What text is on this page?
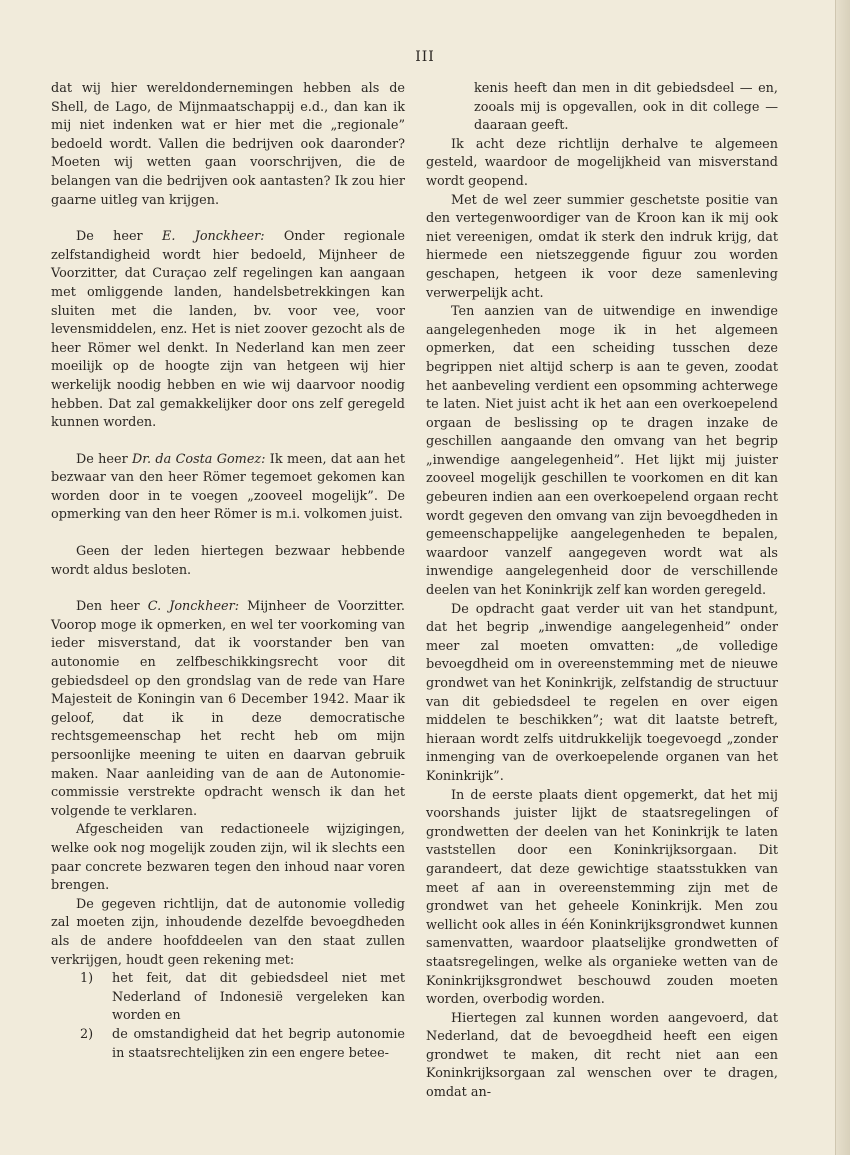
III

dat wij hier wereldondernemingen hebben als de Shell, de Lago, de Mijnmaatschappij e.d., dan kan ik mij niet indenken wat er hier met die „regionale” bedoeld wordt. Vallen die bedrijven ook daaronder? Moeten wij wetten gaan voorschrijven, die de belangen van die bedrijven ook aantasten? Ik zou hier gaarne uitleg van krijgen.

De heer E. Jonckheer: Onder regionale zelfstandigheid wordt hier bedoeld, Mijnheer de Voorzitter, dat Curaçao zelf regelingen kan aangaan met omliggende landen, handelsbetrekkingen kan sluiten met die landen, bv. voor vee, voor levensmiddelen, enz. Het is niet zoover gezocht als de heer Römer wel denkt. In Nederland kan men zeer moeilijk op de hoogte zijn van hetgeen wij hier werkelijk noodig hebben en wie wij daarvoor noodig hebben. Dat zal gemakkelijker door ons zelf geregeld kunnen worden.

De heer Dr. da Costa Gomez: Ik meen, dat aan het bezwaar van den heer Römer tegemoet gekomen kan worden door in te voegen „zooveel mogelijk”. De opmerking van den heer Römer is m.i. volkomen juist.

Geen der leden hiertegen bezwaar hebbende wordt aldus besloten.

Den heer C. Jonckheer: Mijnheer de Voorzitter. Voorop moge ik opmerken, en wel ter voorkoming van ieder misverstand, dat ik voorstander ben van autonomie en zelfbeschikkingsrecht voor dit gebiedsdeel op den grondslag van de rede van Hare Majesteit de Koningin van 6 December 1942. Maar ik geloof, dat ik in deze democratische rechtsgemeenschap het recht heb om mijn persoonlijke meening te uiten en daarvan gebruik maken. Naar aanleiding van de aan de Autonomie-commissie verstrekte opdracht wensch ik dan het volgende te verklaren.

Afgescheiden van redactioneele wijzigingen, welke ook nog mogelijk zouden zijn, wil ik slechts een paar concrete bezwaren tegen den inhoud naar voren brengen.

De gegeven richtlijn, dat de autonomie volledig zal moeten zijn, inhoudende dezelfde bevoegdheden als de andere hoofddeelen van den staat zullen verkrijgen, houdt geen rekening met:

1)	het feit, dat dit gebiedsdeel niet met Nederland of Indonesië vergeleken kan worden en
2)	de omstandigheid dat het begrip autonomie in staatsrechtelijken zin een engere betee-

kenis heeft dan men in dit gebiedsdeel — en, zooals mij is opgevallen, ook in dit college — daaraan geeft.

Ik acht deze richtlijn derhalve te algemeen gesteld, waardoor de mogelijkheid van misverstand wordt geopend.

Met de wel zeer summier geschetste positie van den vertegenwoordiger van de Kroon kan ik mij ook niet vereenigen, omdat ik sterk den indruk krijg, dat hiermede een nietszeggende figuur zou worden geschapen, hetgeen ik voor deze samenleving verwerpelijk acht.

Ten aanzien van de uitwendige en inwendige aangelegenheden moge ik in het algemeen opmerken, dat een scheiding tusschen deze begrippen niet altijd scherp is aan te geven, zoodat het aanbeveling verdient een opsomming achterwege te laten. Niet juist acht ik het aan een overkoepelend orgaan de beslissing op te dragen inzake de geschillen aangaande den omvang van het begrip „inwendige aangelegenheid”. Het lijkt mij juister zooveel mogelijk geschillen te voorkomen en dit kan gebeuren indien aan een overkoepelend orgaan recht wordt gegeven den omvang van zijn bevoegdheden in gemeenschappelijke aangelegenheden te bepalen, waardoor vanzelf aangegeven wordt wat als inwendige aangelegenheid door de verschillende deelen van het Koninkrijk zelf kan worden geregeld.

De opdracht gaat verder uit van het standpunt, dat het begrip „inwendige aangelegenheid” onder meer zal moeten omvatten: „de volledige bevoegdheid om in overeenstemming met de nieuwe grondwet van het Koninkrijk, zelfstandig de structuur van dit gebiedsdeel te regelen en over eigen middelen te beschikken”; wat dit laatste betreft, hieraan wordt zelfs uitdrukkelijk toegevoegd „zonder inmenging van de overkoepelende organen van het Koninkrijk”.

In de eerste plaats dient opgemerkt, dat het mij voorshands juister lijkt de staatsregelingen of grondwetten der deelen van het Koninkrijk te laten vaststellen door een Koninkrijksorgaan. Dit garandeert, dat deze gewichtige staatsstukken van meet af aan in overeenstemming zijn met de grondwet van het geheele Koninkrijk. Men zou wellicht ook alles in één Koninkrijksgrondwet kunnen samenvatten, waardoor plaatselijke grondwetten of staatsregelingen, welke als organieke wetten van de Koninkrijksgrondwet beschouwd zouden moeten worden, overbodig worden.

Hiertegen zal kunnen worden aangevoerd, dat Nederland, dat de bevoegdheid heeft een eigen grondwet te maken, dit recht niet aan een Koninkrijksorgaan zal wenschen over te dragen, omdat an-
